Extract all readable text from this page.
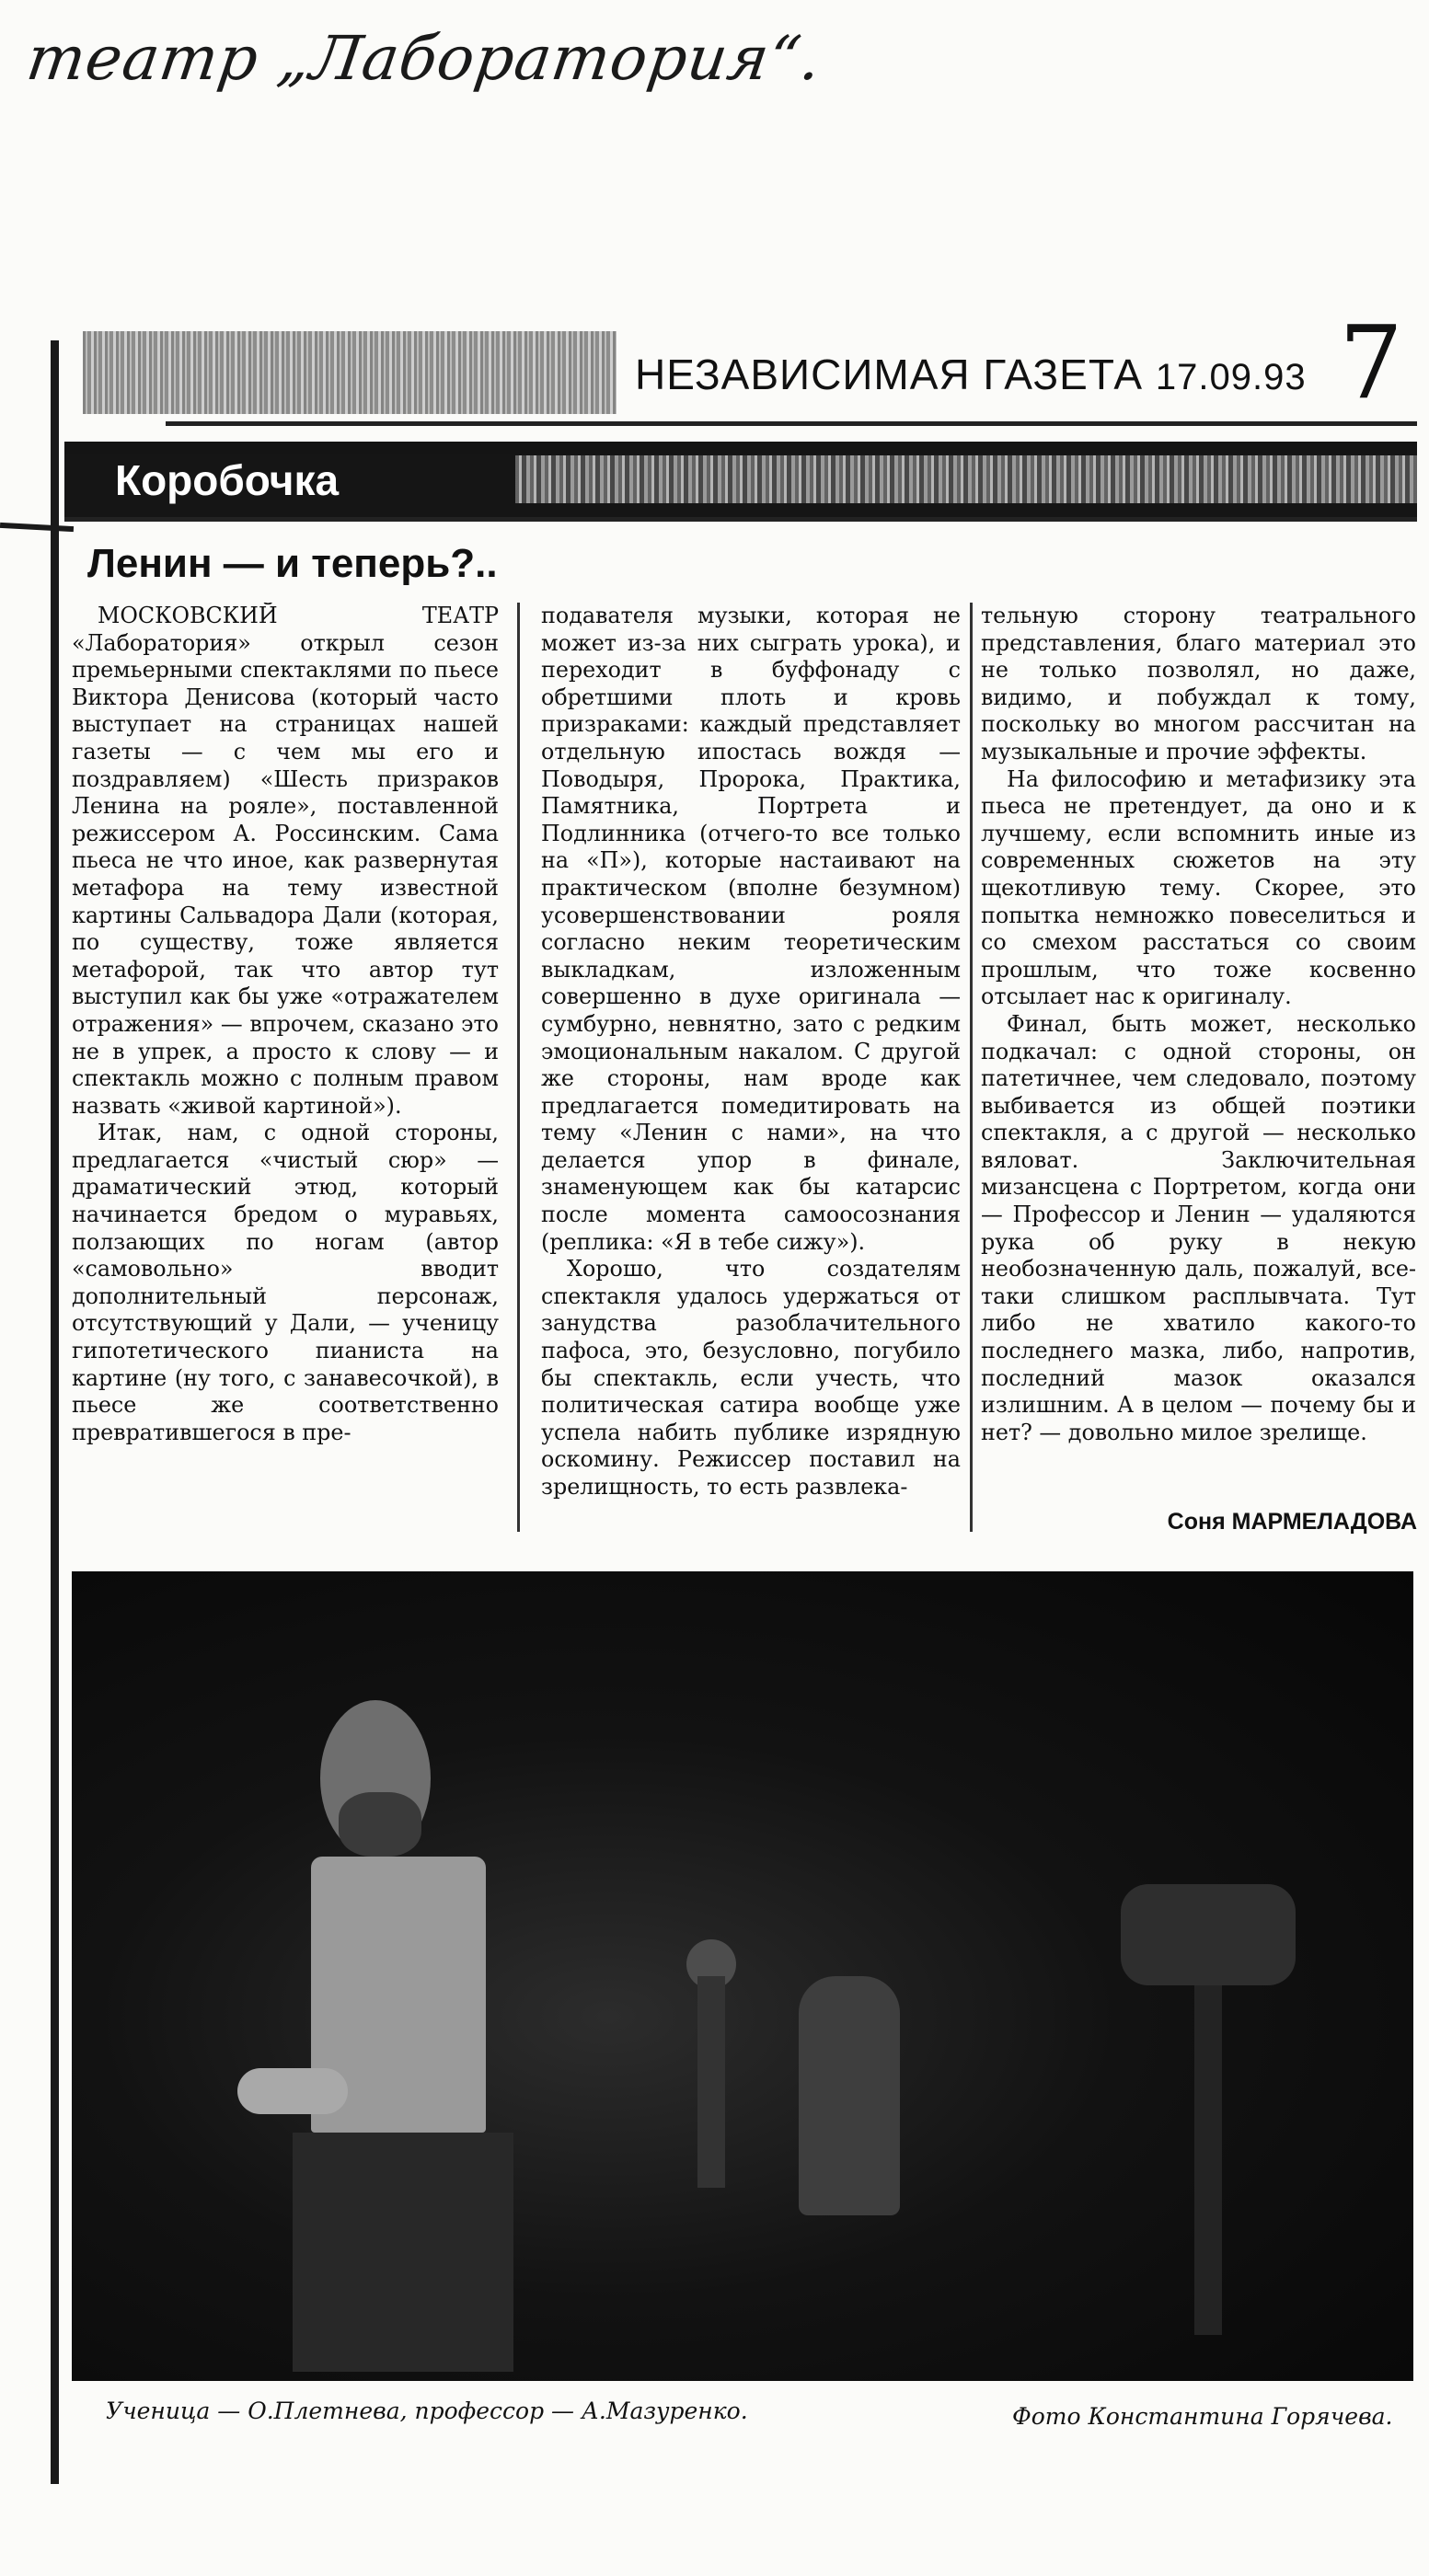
театр „Лаборатория“.
НЕЗАВИСИМАЯ ГАЗЕТА 17.09.93 7
Коробочка
Ленин — и теперь?..

МОСКОВСКИЙ ТЕАТР «Лаборатория» открыл сезон премьерными спектаклями по пьесе Виктора Денисова (который часто выступает на страницах нашей газеты — с чем мы его и поздравляем) «Шесть призраков Ленина на рояле», поставленной режиссером А. Россинским. Сама пьеса не что иное, как развернутая метафора на тему известной картины Сальвадора Дали (которая, по существу, тоже является метафорой, так что автор тут выступил как бы уже «отражателем отражения» — впрочем, сказано это не в упрек, а просто к слову — и спектакль можно с полным правом назвать «живой картиной»).

Итак, нам, с одной стороны, предлагается «чистый сюр» — драматический этюд, который начинается бредом о муравьях, ползающих по ногам (автор «самовольно» вводит дополнительный персонаж, отсутствующий у Дали, — ученицу гипотетического пианиста на картине (ну того, с занавесочкой), в пьесе же соответственно превратившегося в пре-

подавателя музыки, которая не может из-за них сыграть урока), и переходит в буффонаду с обретшими плоть и кровь призраками: каждый представляет отдельную ипостась вождя — Поводыря, Пророка, Практика, Памятника, Портрета и Подлинника (отчего-то все только на «П»), которые настаивают на практическом (вполне безумном) усовершенствовании рояля согласно неким теоретическим выкладкам, изложенным совершенно в духе оригинала — сумбурно, невнятно, зато с редким эмоциональным накалом. С другой же стороны, нам вроде как предлагается помедитировать на тему «Ленин с нами», на что делается упор в финале, знаменующем как бы катарсис после момента самоосознания (реплика: «Я в тебе сижу»).

Хорошо, что создателям спектакля удалось удержаться от занудства разоблачительного пафоса, это, безусловно, погубило бы спектакль, если учесть, что политическая сатира вообще уже успела набить публике изрядную оскомину. Режиссер поставил на зрелищность, то есть развлека-

тельную сторону театрального представления, благо материал это не только позволял, но даже, видимо, и побуждал к тому, поскольку во многом рассчитан на музыкальные и прочие эффекты.

На философию и метафизику эта пьеса не претендует, да оно и к лучшему, если вспомнить иные из современных сюжетов на эту щекотливую тему. Скорее, это попытка немножко повеселиться и со смехом расстаться со своим прошлым, что тоже косвенно отсылает нас к оригиналу.

Финал, быть может, несколько подкачал: с одной стороны, он патетичнее, чем следовало, поэтому выбивается из общей поэтики спектакля, а с другой — несколько вяловат. Заключительная мизансцена с Портретом, когда они — Профессор и Ленин — удаляются рука об руку в некую необозначенную даль, пожалуй, все-таки слишком расплывчата. Тут либо не хватило какого-то последнего мазка, либо, напротив, последний мазок оказался излишним. А в целом — почему бы и нет? — довольно милое зрелище.

Соня МАРМЕЛАДОВА
Ученица — О.Плетнева, профессор — А.Мазуренко.	Фото Константина Горячева.
